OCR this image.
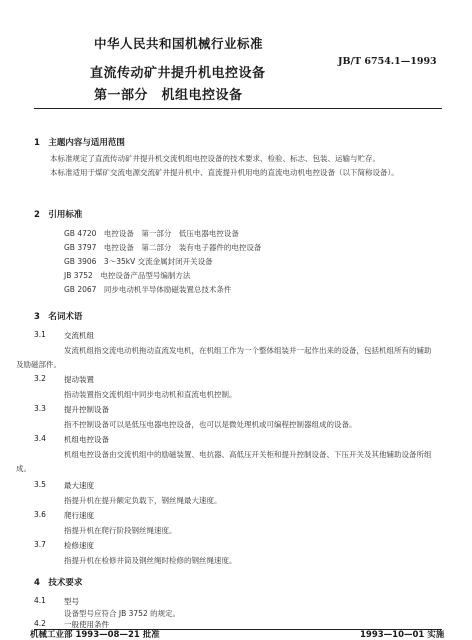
中华人民共和国机械行业标准
JB/T 6754.1—1993
直流传动矿井提升机电控设备
第一部分　机组电控设备
1　主题内容与适用范围
本标准规定了直流传动矿井提升机交流机组电控设备的技术要求、检验、标志、包装、运输与贮存。
本标准适用于煤矿交流电源交流矿井提升机中、直流提升机用电的直流电动机电控设备（以下简称设备）。
2　引用标准
GB 4720　电控设备　第一部分　低压电器电控设备
GB 3797　电控设备　第二部分　装有电子器件的电控设备
GB 3906　3～35kV 交流金属封闭开关设备
JB 3752　电控设备产品型号编制方法
GB 2067　同步电动机半导体励磁装置总技术条件
3　名词术语
3.1 交流机组
发流机组指交流电动机拖动直流发电机，在机组工作为一个整体组装并一起作出来的设备，包括机组所有的辅助及励磁部件。
3.2 提动装置
指动装置指交流机组中同步电动机和直流电机控制。
3.3 提升控制设备
指不控制设备可以是低压电器电控设备，也可以是微处理机或可编程控制器组成的设备。
3.4 机组电控设备
机组电控设备由交流机组中的励磁装置、电抗器、高低压开关柜和提升控制设备、下压开关及其他辅助设备所组成。
3.5 最大速度
指提升机在提升额定负载下，钢丝绳最大速度。
3.6 爬行速度
指提升机在爬行阶段钢丝绳速度。
3.7 检修速度
指提升机在检修井筒及钢丝绳时检修的钢丝绳速度。
4　技术要求
4.1 型号
设备型号应符合 JB 3752 的规定。
4.2 一般使用条件
机械工业部 1993—08—21 批准	1993—10—01 实施
